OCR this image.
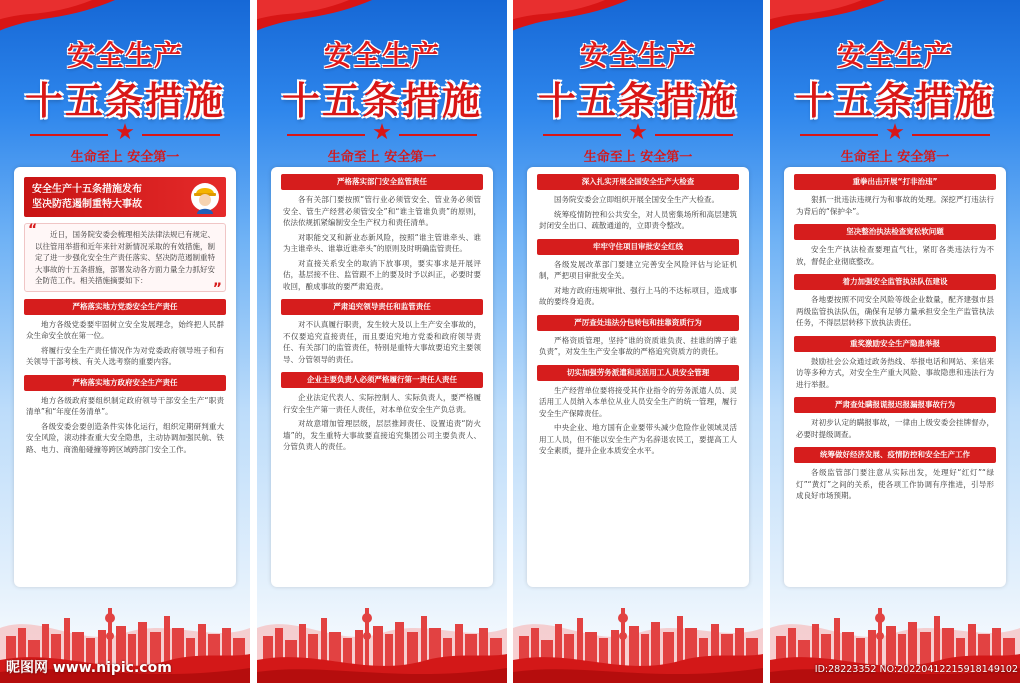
安全生产
十五条措施
★
生命至上 安全第一
安全生产十五条措施发布
坚决防范遏制重特大事故
“	近日，国务院安委会梳理相关法律法规已有规定、以往管用举措和近年来针对新情况采取的有效措施，制定了进一步强化安全生产责任落实、坚决防范遏制重特大事故的十五条措施，部署发动各方面力量全力抓好安全防范工作。相关措施摘要如下：	”
严格落实地方党委安全生产责任
地方各级党委要牢固树立安全发展理念，始终把人民群众生命安全放在第一位。
将履行安全生产责任情况作为对党委政府领导班子和有关领导干部考核、有关人选考察的重要内容。
严格落实地方政府安全生产责任
地方各级政府要组织制定政府领导干部安全生产“职责清单”和“年度任务清单”。
各级安委会要创造条件实体化运行，组织定期研判重大安全风险，滚动排查重大安全隐患，主动协调加强民航、铁路、电力、商渔船碰撞等跨区域跨部门安全工作。
安全生产
十五条措施
★
生命至上 安全第一
严格落实部门安全监管责任
各有关部门要按照“管行业必须管安全、管业务必须管安全、管生产经营必须管安全”和“谁主管谁负责”的原则，依法依规抓紧编制安全生产权力和责任清单。
对职能交叉和新业态新风险，按照“谁主管谁牵头、谁为主谁牵头、谁靠近谁牵头”的原则及时明确监管责任。
对直接关系安全的取消下放事项，要实事求是开展评估，基层接不住、监管跟不上的要及时予以纠正，必要时要收回，酿成事故的要严肃追责。
严肃追究领导责任和监管责任
对不认真履行职责，发生较大及以上生产安全事故的，不仅要追究直接责任，而且要追究地方党委和政府领导责任、有关部门的监管责任，特别是重特大事故要追究主要领导、分管领导的责任。
企业主要负责人必须严格履行第一责任人责任
企业法定代表人、实际控制人、实际负责人，要严格履行安全生产第一责任人责任，对本单位安全生产负总责。
对故意增加管理层级，层层推卸责任、设置追责“防火墙”的，发生重特大事故要直接追究集团公司主要负责人、分管负责人的责任。
安全生产
十五条措施
★
生命至上 安全第一
深入扎实开展全国安全生产大检查
国务院安委会立即组织开展全国安全生产大检查。
统筹疫情防控和公共安全，对人员密集场所和高层建筑封闭安全出口、疏散通道的，立即责令整改。
牢牢守住项目审批安全红线
各级发展改革部门要建立完善安全风险评估与论证机制，严把项目审批安全关。
对地方政府违规审批、强行上马的不达标项目，造成事故的要终身追责。
严厉查处违法分包转包和挂靠资质行为
严格资质管理，坚持“谁的资质谁负责、挂谁的牌子谁负责”，对发生生产安全事故的严格追究资质方的责任。
切实加强劳务派遣和灵活用工人员安全管理
生产经营单位要将接受其作业指令的劳务派遣人员、灵活用工人员纳入本单位从业人员安全生产的统一管理，履行安全生产保障责任。
中央企业、地方国有企业要带头减少危险作业领域灵活用工人员，但不能以安全生产为名辞退农民工，要提高工人安全素质，提升企业本质安全水平。
安全生产
十五条措施
★
生命至上 安全第一
重拳出击开展“打非治违”
狠抓一批违法违规行为和事故的处理。深挖严打违法行为背后的“保护伞”。
坚决整治执法检查宽松软问题
安全生产执法检查要理直气壮，紧盯各类违法行为不放，督促企业彻底整改。
着力加强安全监管执法队伍建设
各地要按照不同安全风险等级企业数量，配齐建强市县两级监管执法队伍，确保有足够力量承担安全生产监管执法任务，不得层层转移下放执法责任。
重奖激励安全生产隐患举报
鼓励社会公众通过政务热线、举报电话和网站、来信来访等多种方式，对安全生产重大风险、事故隐患和违法行为进行举报。
严肃查处瞒报谎报迟报漏报事故行为
对初步认定的瞒报事故，一律由上级安委会挂牌督办，必要时提级调查。
统筹做好经济发展、疫情防控和安全生产工作
各级监管部门要注意从实际出发，处理好“红灯”“绿灯”“黄灯”之间的关系，使各项工作协调有序推进，引导形成良好市场预期。
昵图网 www.nipic.com	ID:28223352 NO:20220412215918149102
